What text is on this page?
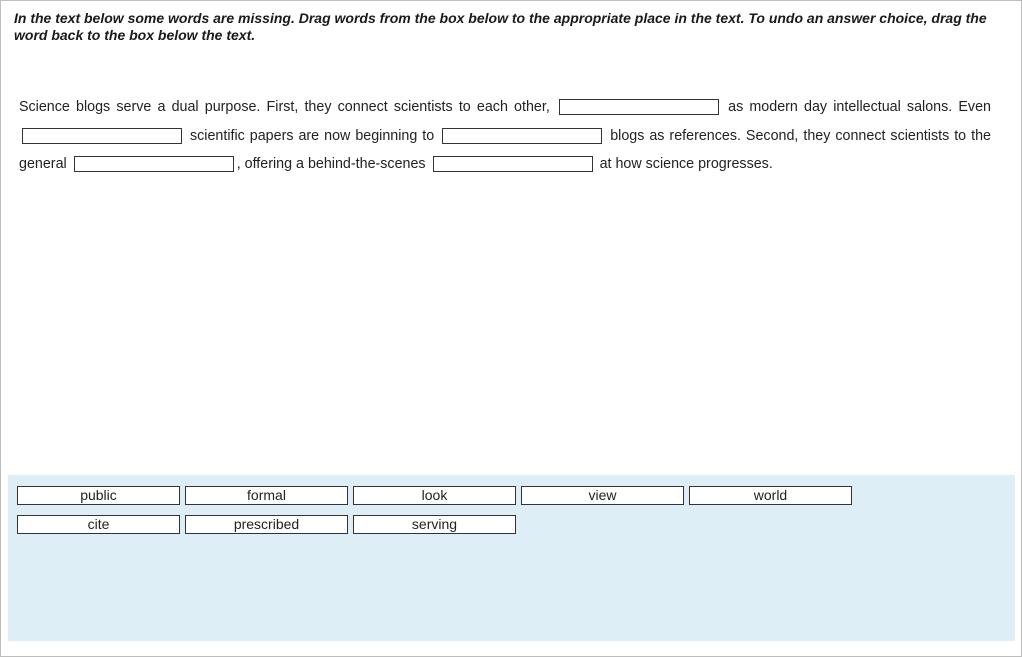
In the text below some words are missing. Drag words from the box below to the appropriate place in the text. To undo an answer choice, drag the word back to the box below the text.
Science blogs serve a dual purpose. First, they connect scientists to each other,	as modern day intellectual salons. Even  scientific papers are now beginning to	blogs as references. Second, they connect scientists to the general	, offering a behind-the-scenes	at how science progresses.
public	formal	look	view	world
cite	prescribed	serving
